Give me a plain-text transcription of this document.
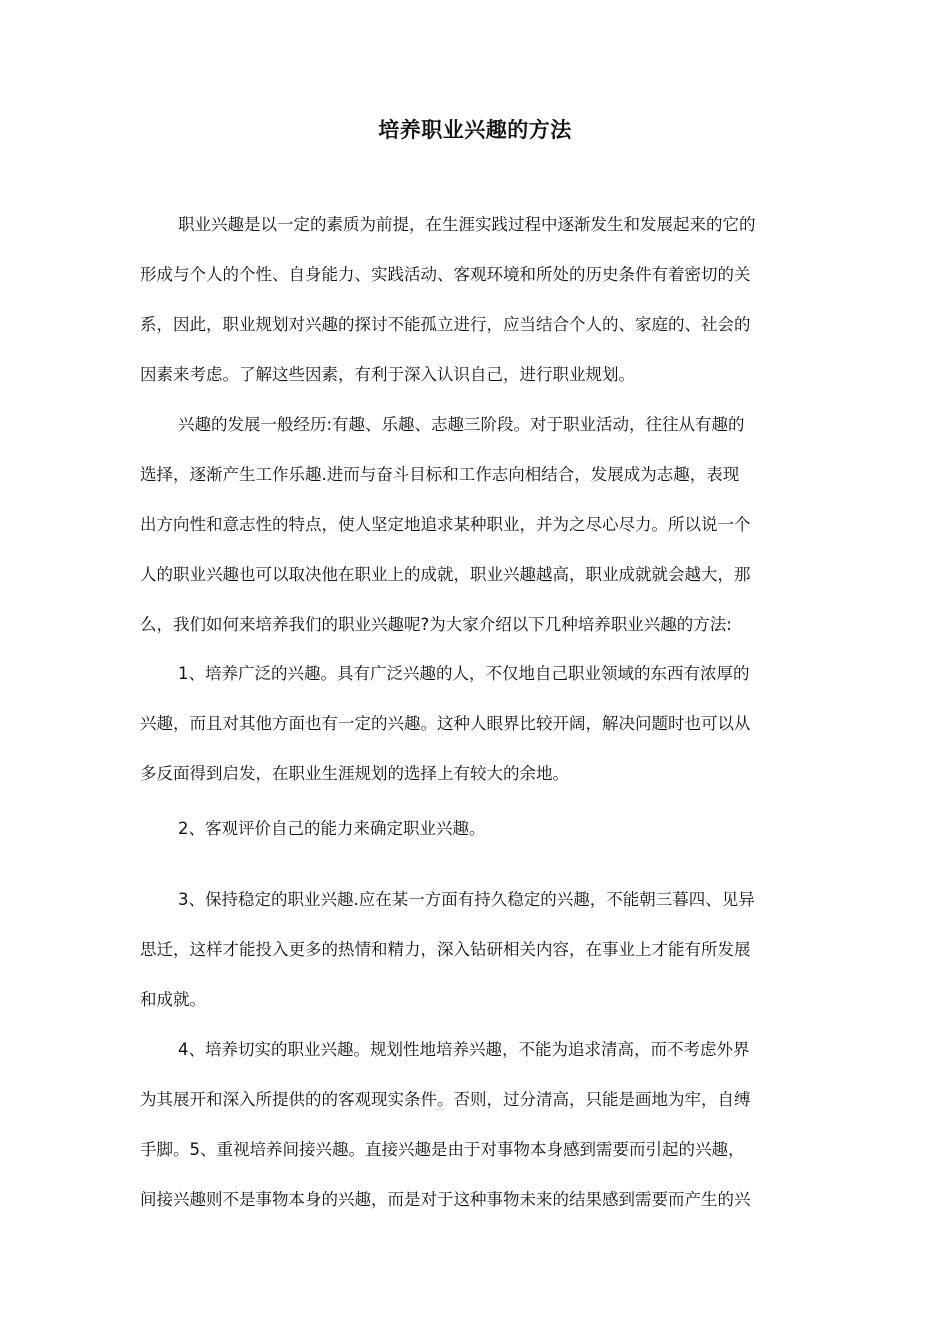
培养职业兴趣的方法
职业兴趣是以一定的素质为前提，在生涯实践过程中逐渐发生和发展起来的它的
形成与个人的个性、自身能力、实践活动、客观环境和所处的历史条件有着密切的关
系，因此，职业规划对兴趣的探讨不能孤立进行，应当结合个人的、家庭的、社会的
因素来考虑。了解这些因素，有利于深入认识自己，进行职业规划。
兴趣的发展一般经历:有趣、乐趣、志趣三阶段。对于职业活动，往往从有趣的
选择，逐渐产生工作乐趣.进而与奋斗目标和工作志向相结合，发展成为志趣，表现
出方向性和意志性的特点，使人坚定地追求某种职业，并为之尽心尽力。所以说一个
人的职业兴趣也可以取决他在职业上的成就，职业兴趣越高，职业成就就会越大，那
么，我们如何来培养我们的职业兴趣呢?为大家介绍以下几种培养职业兴趣的方法:
1、培养广泛的兴趣。具有广泛兴趣的人，不仅地自己职业领域的东西有浓厚的
兴趣，而且对其他方面也有一定的兴趣。这种人眼界比较开阔，解决问题时也可以从
多反面得到启发，在职业生涯规划的选择上有较大的余地。
2、客观评价自己的能力来确定职业兴趣。
3、保持稳定的职业兴趣.应在某一方面有持久稳定的兴趣，不能朝三暮四、见异
思迁，这样才能投入更多的热情和精力，深入钻研相关内容，在事业上才能有所发展
和成就。
4、培养切实的职业兴趣。规划性地培养兴趣，不能为追求清高，而不考虑外界
为其展开和深入所提供的的客观现实条件。否则，过分清高，只能是画地为牢，自缚
手脚。5、重视培养间接兴趣。直接兴趣是由于对事物本身感到需要而引起的兴趣，
间接兴趣则不是事物本身的兴趣，而是对于这种事物未来的结果感到需要而产生的兴
